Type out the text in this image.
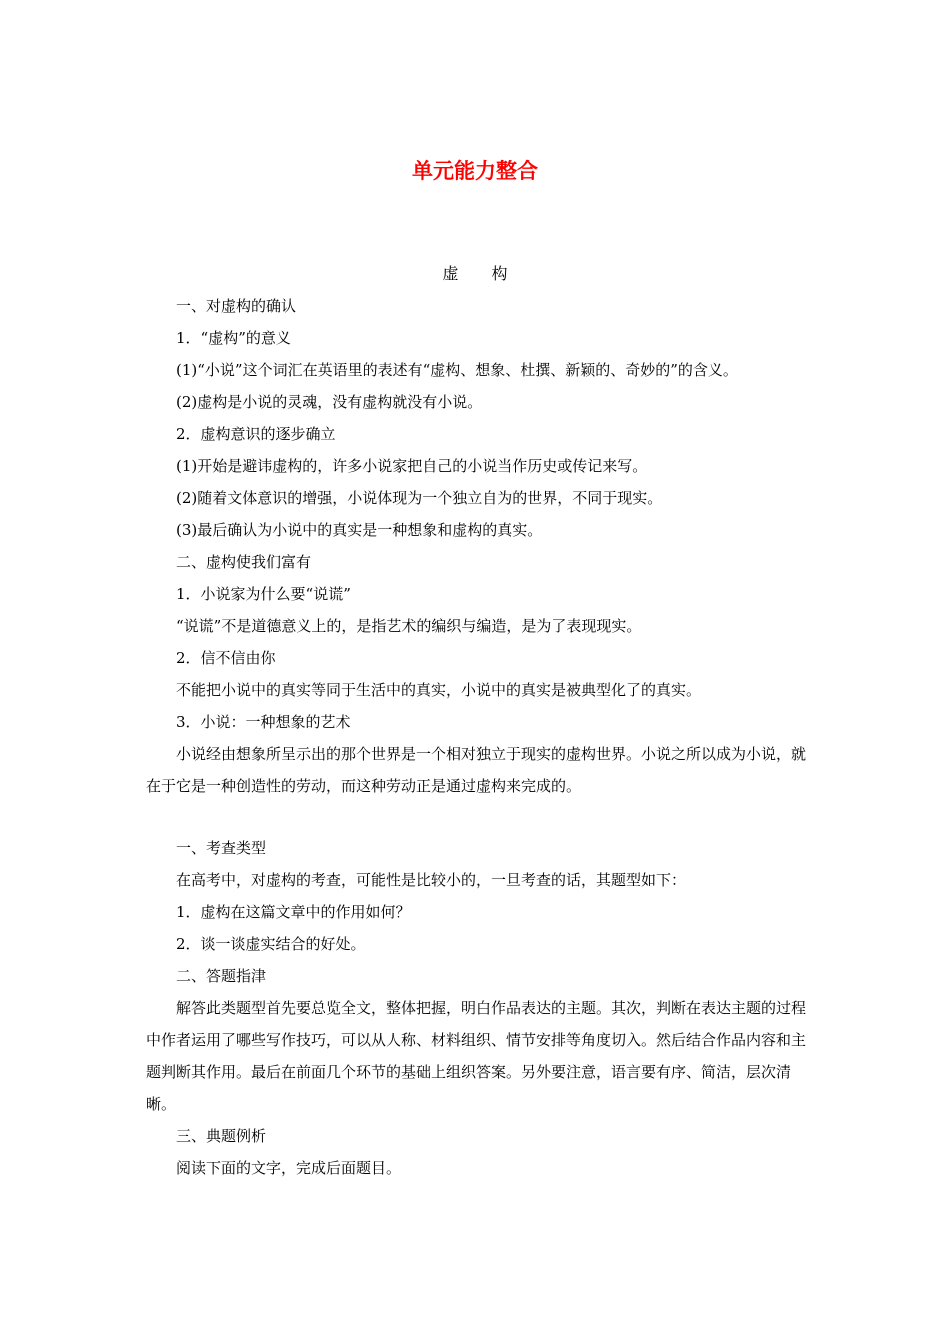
单元能力整合
虚 构

一、对虚构的确认

1．“虚构”的意义

(1)“小说”这个词汇在英语里的表述有“虚构、想象、杜撰、新颖的、奇妙的”的含义。

(2)虚构是小说的灵魂，没有虚构就没有小说。

2．虚构意识的逐步确立

(1)开始是避讳虚构的，许多小说家把自己的小说当作历史或传记来写。

(2)随着文体意识的增强，小说体现为一个独立自为的世界，不同于现实。

(3)最后确认为小说中的真实是一种想象和虚构的真实。

二、虚构使我们富有

1．小说家为什么要“说谎”

“说谎”不是道德意义上的，是指艺术的编织与编造，是为了表现现实。

2．信不信由你

不能把小说中的真实等同于生活中的真实，小说中的真实是被典型化了的真实。

3．小说：一种想象的艺术

小说经由想象所呈示出的那个世界是一个相对独立于现实的虚构世界。小说之所以成为小说，就在于它是一种创造性的劳动，而这种劳动正是通过虚构来完成的。

一、考查类型

在高考中，对虚构的考查，可能性是比较小的，一旦考查的话，其题型如下：

1．虚构在这篇文章中的作用如何？

2．谈一谈虚实结合的好处。

二、答题指津

解答此类题型首先要总览全文，整体把握，明白作品表达的主题。其次，判断在表达主题的过程中作者运用了哪些写作技巧，可以从人称、材料组织、情节安排等角度切入。然后结合作品内容和主题判断其作用。最后在前面几个环节的基础上组织答案。另外要注意，语言要有序、简洁，层次清晰。

三、典题例析

阅读下面的文字，完成后面题目。
